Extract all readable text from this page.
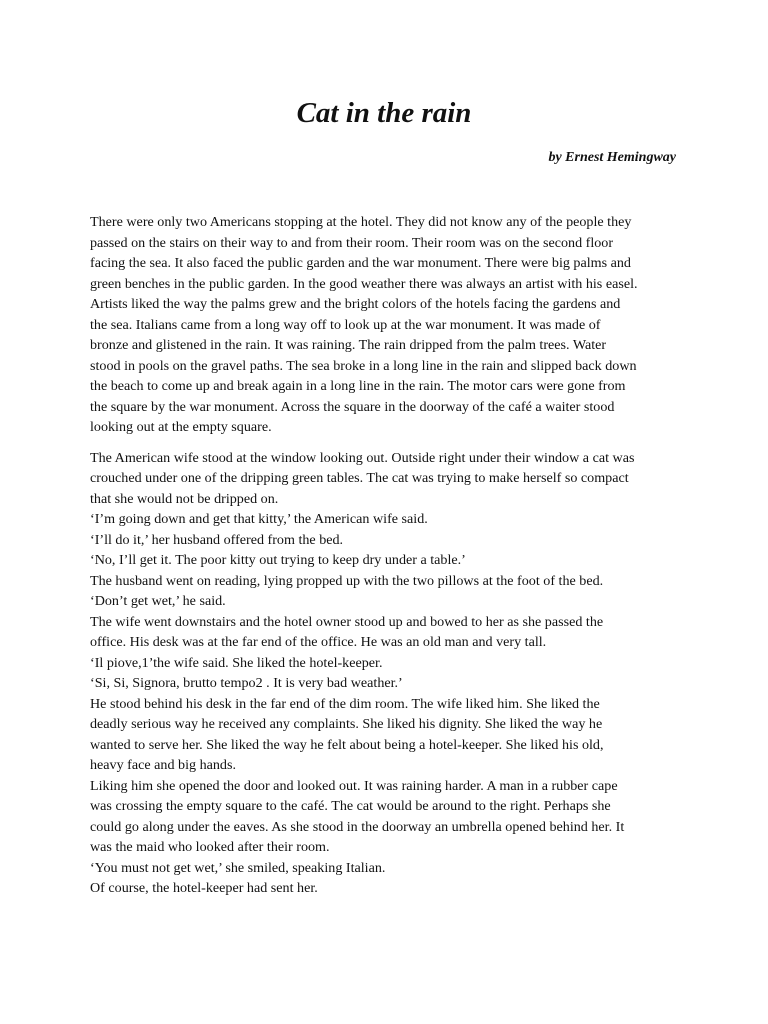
Cat in the rain

by Ernest Hemingway

There were only two Americans stopping at the hotel. They did not know any of the people they
passed on the stairs on their way to and from their room. Their room was on the second floor
facing the sea. It also faced the public garden and the war monument. There were big palms and
green benches in the public garden. In the good weather there was always an artist with his easel.
Artists liked the way the palms grew and the bright colors of the hotels facing the gardens and
the sea. Italians came from a long way off to look up at the war monument. It was made of
bronze and glistened in the rain. It was raining. The rain dripped from the palm trees. Water
stood in pools on the gravel paths. The sea broke in a long line in the rain and slipped back down
the beach to come up and break again in a long line in the rain. The motor cars were gone from
the square by the war monument. Across the square in the doorway of the café a waiter stood
looking out at the empty square.
The American wife stood at the window looking out. Outside right under their window a cat was
crouched under one of the dripping green tables. The cat was trying to make herself so compact
that she would not be dripped on.
‘I’m going down and get that kitty,’ the American wife said.
‘I’ll do it,’ her husband offered from the bed.
‘No, I’ll get it. The poor kitty out trying to keep dry under a table.’
The husband went on reading, lying propped up with the two pillows at the foot of the bed.
‘Don’t get wet,’ he said.
The wife went downstairs and the hotel owner stood up and bowed to her as she passed the
office. His desk was at the far end of the office. He was an old man and very tall.
‘Il piove,1’the wife said. She liked the hotel-keeper.
‘Si, Si, Signora, brutto tempo2 . It is very bad weather.’
He stood behind his desk in the far end of the dim room. The wife liked him. She liked the
deadly serious way he received any complaints. She liked his dignity. She liked the way he
wanted to serve her. She liked the way he felt about being a hotel-keeper. She liked his old,
heavy face and big hands.
Liking him she opened the door and looked out. It was raining harder. A man in a rubber cape
was crossing the empty square to the café. The cat would be around to the right. Perhaps she
could go along under the eaves. As she stood in the doorway an umbrella opened behind her. It
was the maid who looked after their room.
‘You must not get wet,’ she smiled, speaking Italian.
Of course, the hotel-keeper had sent her.
